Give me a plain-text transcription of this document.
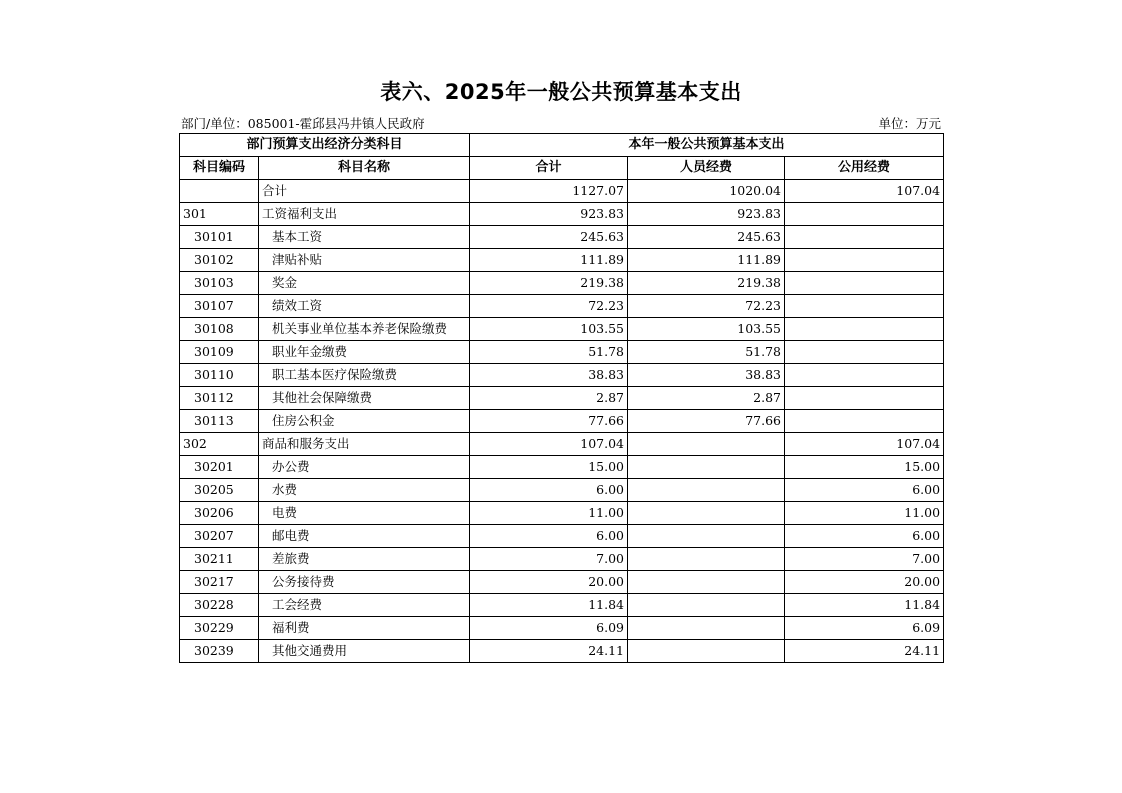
表六、2025年一般公共预算基本支出
部门/单位：085001-霍邱县冯井镇人民政府	单位：万元
部门预算支出经济分类科目		本年一般公共预算基本支出		
科目编码	科目名称	合计	人员经费	公用经费
	合计	1127.07	1020.04	107.04
301	工资福利支出	923.83	923.83	
30101	基本工资	245.63	245.63	
30102	津贴补贴	111.89	111.89	
30103	奖金	219.38	219.38	
30107	绩效工资	72.23	72.23	
30108	机关事业单位基本养老保险缴费	103.55	103.55	
30109	职业年金缴费	51.78	51.78	
30110	职工基本医疗保险缴费	38.83	38.83	
30112	其他社会保障缴费	2.87	2.87	
30113	住房公积金	77.66	77.66	
302	商品和服务支出	107.04		107.04
30201	办公费	15.00		15.00
30205	水费	6.00		6.00
30206	电费	11.00		11.00
30207	邮电费	6.00		6.00
30211	差旅费	7.00		7.00
30217	公务接待费	20.00		20.00
30228	工会经费	11.84		11.84
30229	福利费	6.09		6.09
30239	其他交通费用	24.11		24.11
